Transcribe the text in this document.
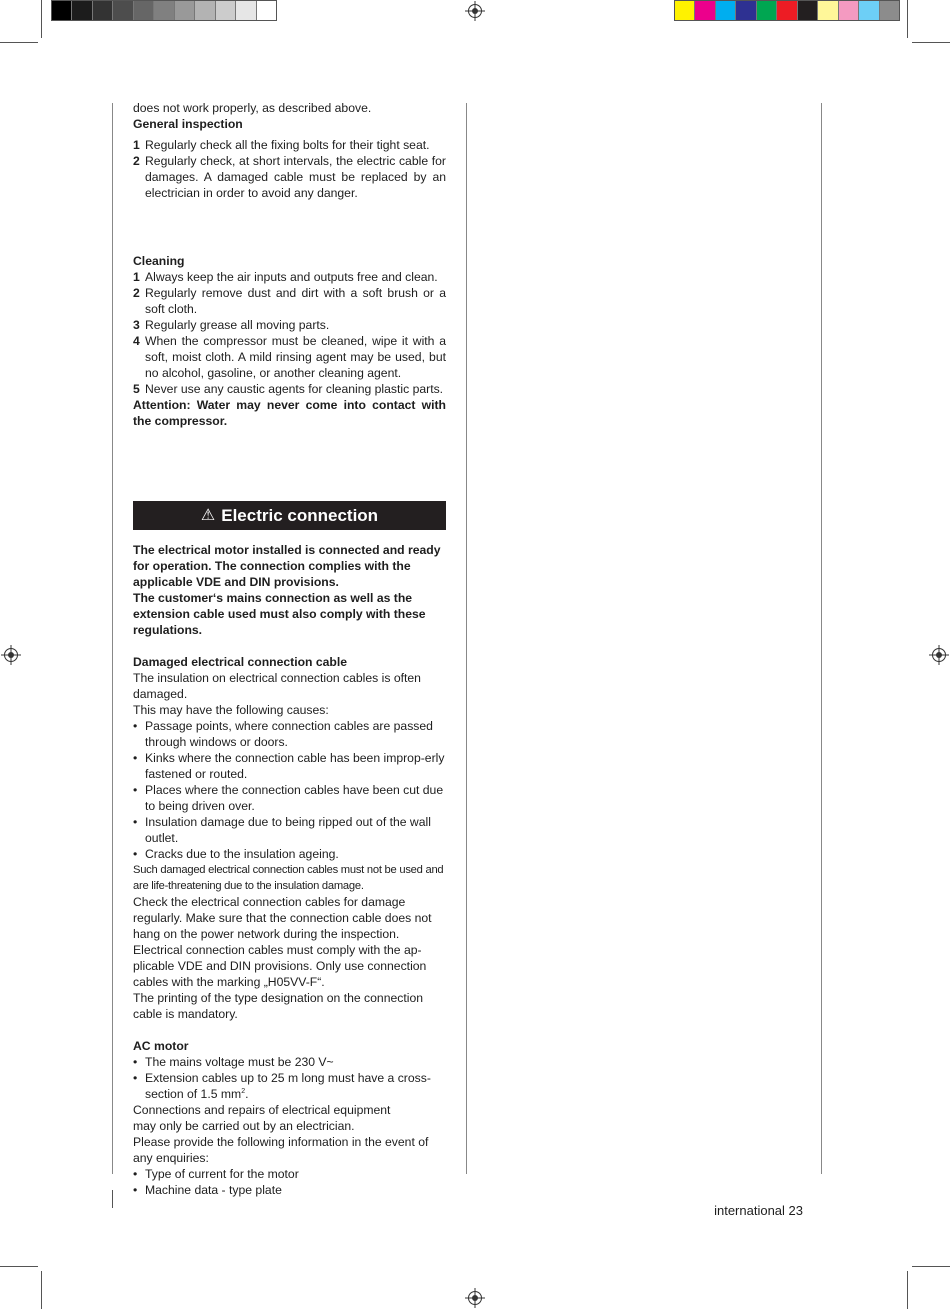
does not work properly, as described above.

General inspection

1 Regularly check all the fixing bolts for their tight seat.
2 Regularly check, at short intervals, the electric cable for damages. A damaged cable must be replaced by an electrician in order to avoid any danger.

Cleaning

1 Always keep the air inputs and outputs free and clean.
2 Regularly remove dust and dirt with a soft brush or a soft cloth.
3 Regularly grease all moving parts.
4 When the compressor must be cleaned, wipe it with a soft, moist cloth. A mild rinsing agent may be used, but no alcohol, gasoline, or another cleaning agent.
5 Never use any caustic agents for cleaning plastic parts.

Attention: Water may never come into contact with the compressor.

⚠ Electric connection

The electrical motor installed is connected and ready for operation. The connection complies with the applicable VDE and DIN provisions.

The customer‘s mains connection as well as the extension cable used must also comply with these regulations.

Damaged electrical connection cable

The insulation on electrical connection cables is often damaged.

This may have the following causes:

• Passage points, where connection cables are passed through windows or doors.
• Kinks where the connection cable has been improp-erly fastened or routed.
• Places where the connection cables have been cut due to being driven over.
• Insulation damage due to being ripped out of the wall outlet.
• Cracks due to the insulation ageing.

Such damaged electrical connection cables must not be used and are life-threatening due to the insulation damage.

Check the electrical connection cables for damage regularly. Make sure that the connection cable does not hang on the power network during the inspection.

Electrical connection cables must comply with the ap-plicable VDE and DIN provisions. Only use connection cables with the marking „H05VV-F“.

The printing of the type designation on the connection cable is mandatory.

AC motor

• The mains voltage must be 230 V~
• Extension cables up to 25 m long must have a cross-section of 1.5 $mm^2$.

Connections and repairs of electrical equipment may only be carried out by an electrician.

Please provide the following information in the event of any enquiries:

• Type of current for the motor
• Machine data - type plate
international 23
